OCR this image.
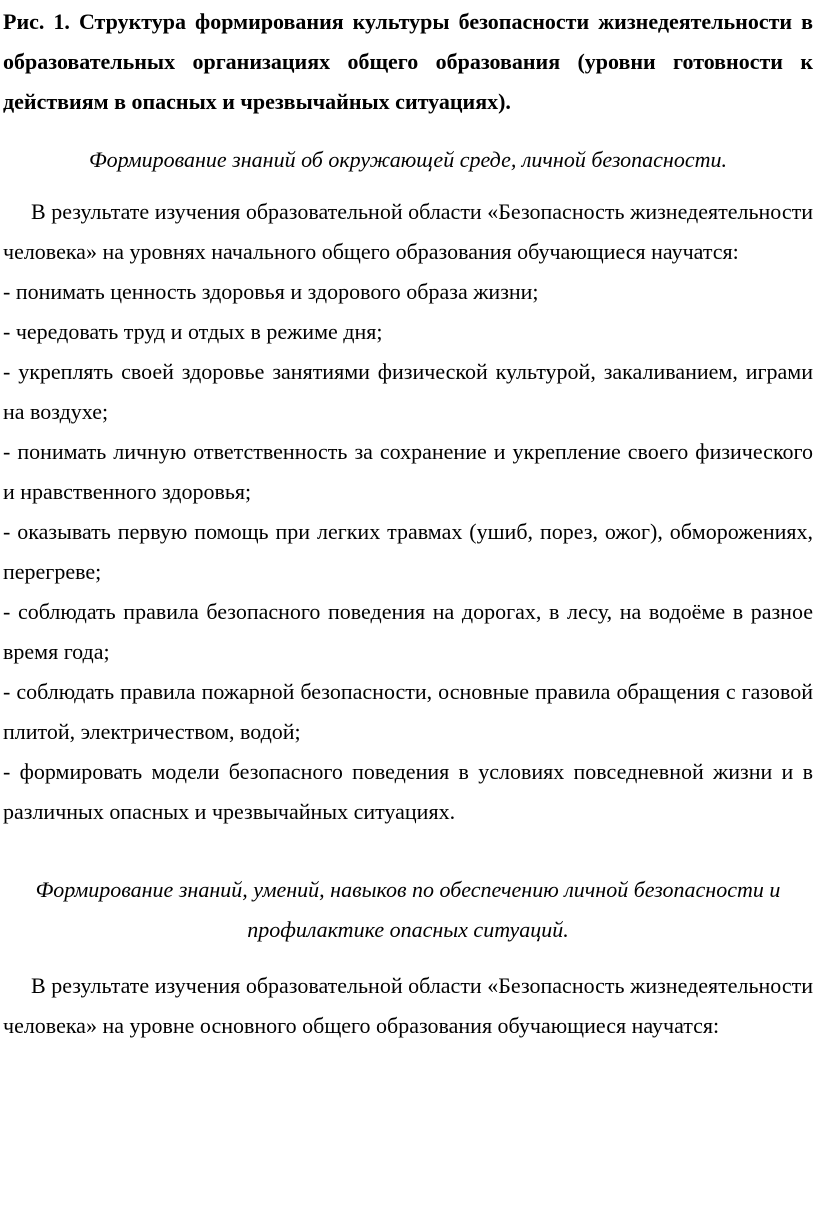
Рис. 1. Структура формирования культуры безопасности жизнедеятельности в образовательных организациях общего образования (уровни готовности к действиям в опасных и чрезвычайных ситуациях).

Формирование знаний об окружающей среде, личной безопасности.

В результате изучения образовательной области «Безопасность жизнедеятельности человека» на уровнях начального общего образования обучающиеся научатся:

- понимать ценность здоровья и здорового образа жизни;

- чередовать труд и отдых в режиме дня;

- укреплять своей здоровье занятиями физической культурой, закаливанием, играми на воздухе;

- понимать личную ответственность за сохранение и укрепление своего физического и нравственного здоровья;

- оказывать первую помощь при легких травмах (ушиб, порез, ожог), обморожениях, перегреве;

- соблюдать правила безопасного поведения на дорогах, в лесу, на водоёме в разное время года;

- соблюдать правила пожарной безопасности, основные правила обращения с газовой плитой, электричеством, водой;

- формировать модели безопасного поведения в условиях повседневной жизни и в различных опасных и чрезвычайных ситуациях.

Формирование знаний, умений, навыков по обеспечению личной безопасности и профилактике опасных ситуаций.

В результате изучения образовательной области «Безопасность жизнедеятельности человека» на уровне основного общего образования обучающиеся научатся:
